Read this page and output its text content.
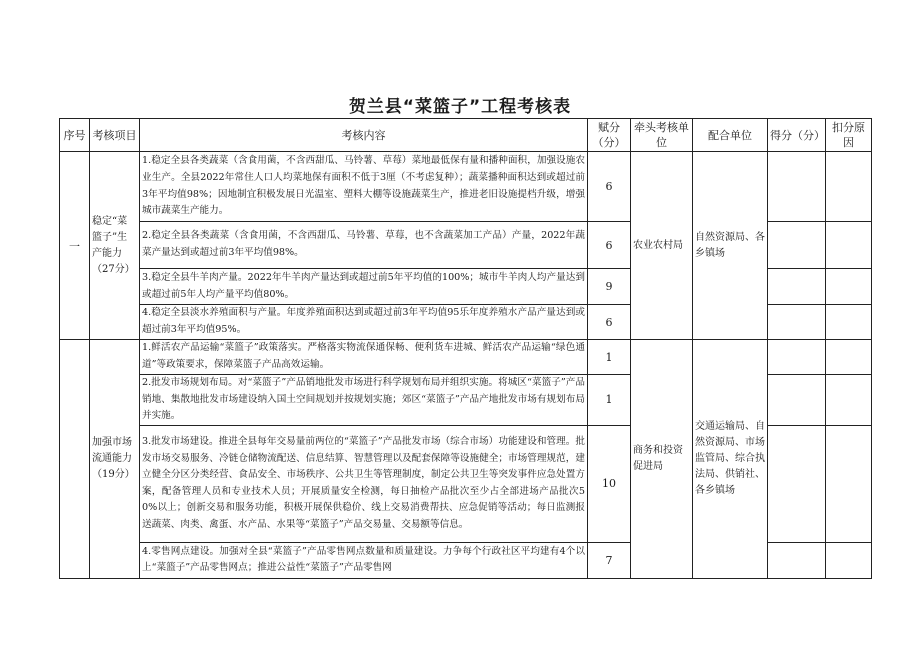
贺兰县“菜篮子”工程考核表
序号	考核项目	考核内容	赋分（分）	牵头考核单位	配合单位	得分（分）	扣分原因
一	稳定“菜篮子”生产能力（27分）	1.稳定全县各类蔬菜（含食用菌，不含西甜瓜、马铃薯、草莓）菜地最低保有量和播种面积，加强设施农业生产。全县2022年常住人口人均菜地保有面积不低于3厘（不考虑复种）；蔬菜播种面积达到或超过前3年平均值98%；因地制宜积极发展日光温室、塑料大棚等设施蔬菜生产，推进老旧设施提档升级，增强城市蔬菜生产能力。	6	农业农村局	自然资源局、各乡镇场		
		2.稳定全县各类蔬菜（含食用菌，不含西甜瓜、马铃薯、草莓，也不含蔬菜加工产品）产量，2022年蔬菜产量达到或超过前3年平均值98%。	6				
		3.稳定全县牛羊肉产量。2022年牛羊肉产量达到或超过前5年平均值的100%；城市牛羊肉人均产量达到或超过前5年人均产量平均值80%。	9				
		4.稳定全县淡水养殖面积与产量。年度养殖面积达到或超过前3年平均值95乐年度养殖水产品产量达到或超过前3年平均值95%。	6				
	加强市场流通能力（19分）	1.鲜活农产品运输“菜篮子”政策落实。严格落实物流保通保畅、便利货车进城、鲜活农产品运输“绿色通道”等政策要求，保障菜篮子产品高效运输。	1	商务和投资促进局	交通运输局、自然资源局、市场监管局、综合执法局、供销社、各乡镇场		
		2.批发市场规划布局。对“菜篮子”产品销地批发市场进行科学规划布局并组织实施。将城区“菜篮子”产品销地、集散地批发市场建设纳入国土空间规划并按规划实施；郊区“菜篮子”产品产地批发市场有规划布局并实施。	1				
		3.批发市场建设。推进全县每年交易量前两位的“菜篮子”产品批发市场（综合市场）功能建设和管理。批发市场交易服务、冷链仓储物流配送、信息结算、智慧管理以及配套保障等设施健全；市场管理规范，建立健全分区分类经营、食品安全、市场秩序、公共卫生等管理制度，制定公共卫生等突发事件应急处置方案，配备管理人员和专业技术人员；开展质量安全检测，每日抽检产品批次至少占全部进场产品批次50%以上；创新交易和服务功能，积极开展保供稳价、线上交易消费帮扶、应急促销等活动；每日监测报送蔬菜、肉类、禽蛋、水产品、水果等“菜篮子”产品交易量、交易额等信息。	10				
		4.零售网点建设。加强对全县“菜篮子”产品零售网点数量和质量建设。力争每个行政社区平均建有4个以上“菜篮子”产品零售网点；推进公益性“菜篮子”产品零售网	7				
